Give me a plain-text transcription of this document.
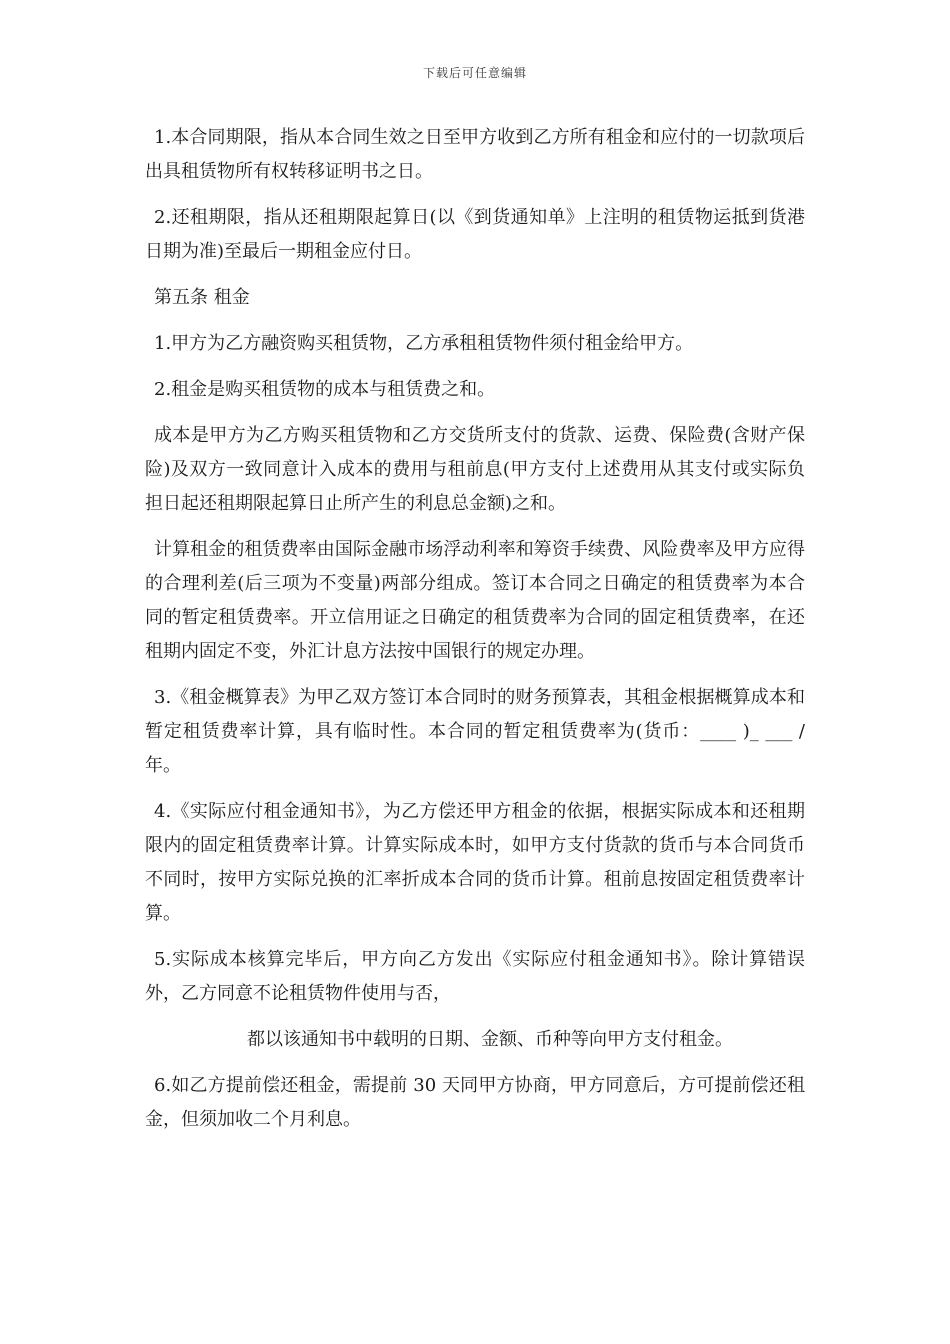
下载后可任意编辑

1.本合同期限，指从本合同生效之日至甲方收到乙方所有租金和应付的一切款项后出具租赁物所有权转移证明书之日。

2.还租期限，指从还租期限起算日(以《到货通知单》上注明的租赁物运抵到货港日期为准)至最后一期租金应付日。

第五条 租金

1.甲方为乙方融资购买租赁物，乙方承租租赁物件须付租金给甲方。

2.租金是购买租赁物的成本与租赁费之和。

成本是甲方为乙方购买租赁物和乙方交货所支付的货款、运费、保险费(含财产保险)及双方一致同意计入成本的费用与租前息(甲方支付上述费用从其支付或实际负担日起还租期限起算日止所产生的利息总金额)之和。

计算租金的租赁费率由国际金融市场浮动利率和筹资手续费、风险费率及甲方应得的合理利差(后三项为不变量)两部分组成。签订本合同之日确定的租赁费率为本合同的暂定租赁费率。开立信用证之日确定的租赁费率为合同的固定租赁费率，在还租期内固定不变，外汇计息方法按中国银行的规定办理。

3.《租金概算表》为甲乙双方签订本合同时的财务预算表，其租金根据概算成本和暂定租赁费率计算，具有临时性。本合同的暂定租赁费率为(货币：____ )_ ___ /年。

4.《实际应付租金通知书》，为乙方偿还甲方租金的依据，根据实际成本和还租期限内的固定租赁费率计算。计算实际成本时，如甲方支付货款的货币与本合同货币不同时，按甲方实际兑换的汇率折成本合同的货币计算。租前息按固定租赁费率计算。

5.实际成本核算完毕后，甲方向乙方发出《实际应付租金通知书》。除计算错误外，乙方同意不论租赁物件使用与否，

都以该通知书中载明的日期、金额、币种等向甲方支付租金。

6.如乙方提前偿还租金，需提前 30 天同甲方协商，甲方同意后，方可提前偿还租金，但须加收二个月利息。
